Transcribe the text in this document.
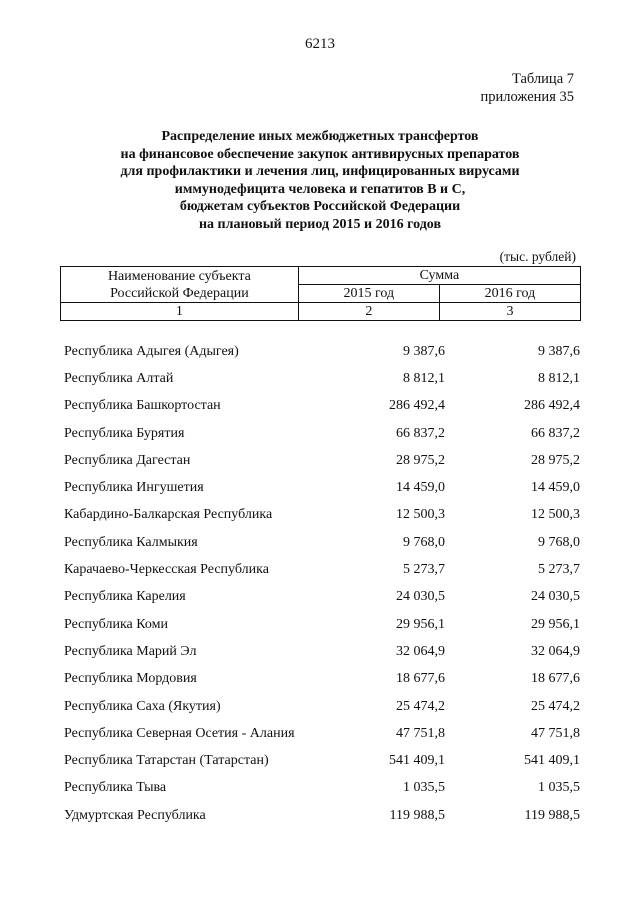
6213
Таблица 7
приложения 35
Распределение иных межбюджетных трансфертов
на финансовое обеспечение закупок антивирусных препаратов
для профилактики и лечения лиц, инфицированных вирусами
иммунодефицита человека и гепатитов В и С,
бюджетам субъектов Российской Федерации
на плановый период 2015 и 2016 годов
(тыс. рублей)
Наименование субъекта
Российской Федерации	Сумма	
	2015 год	2016 год
1	2	3
Республика Адыгея (Адыгея)	9 387,6	9 387,6
Республика Алтай	8 812,1	8 812,1
Республика Башкортостан	286 492,4	286 492,4
Республика Бурятия	66 837,2	66 837,2
Республика Дагестан	28 975,2	28 975,2
Республика Ингушетия	14 459,0	14 459,0
Кабардино-Балкарская Республика	12 500,3	12 500,3
Республика Калмыкия	9 768,0	9 768,0
Карачаево-Черкесская Республика	5 273,7	5 273,7
Республика Карелия	24 030,5	24 030,5
Республика Коми	29 956,1	29 956,1
Республика Марий Эл	32 064,9	32 064,9
Республика Мордовия	18 677,6	18 677,6
Республика Саха (Якутия)	25 474,2	25 474,2
Республика Северная Осетия - Алания	47 751,8	47 751,8
Республика Татарстан (Татарстан)	541 409,1	541 409,1
Республика Тыва	1 035,5	1 035,5
Удмуртская Республика	119 988,5	119 988,5
